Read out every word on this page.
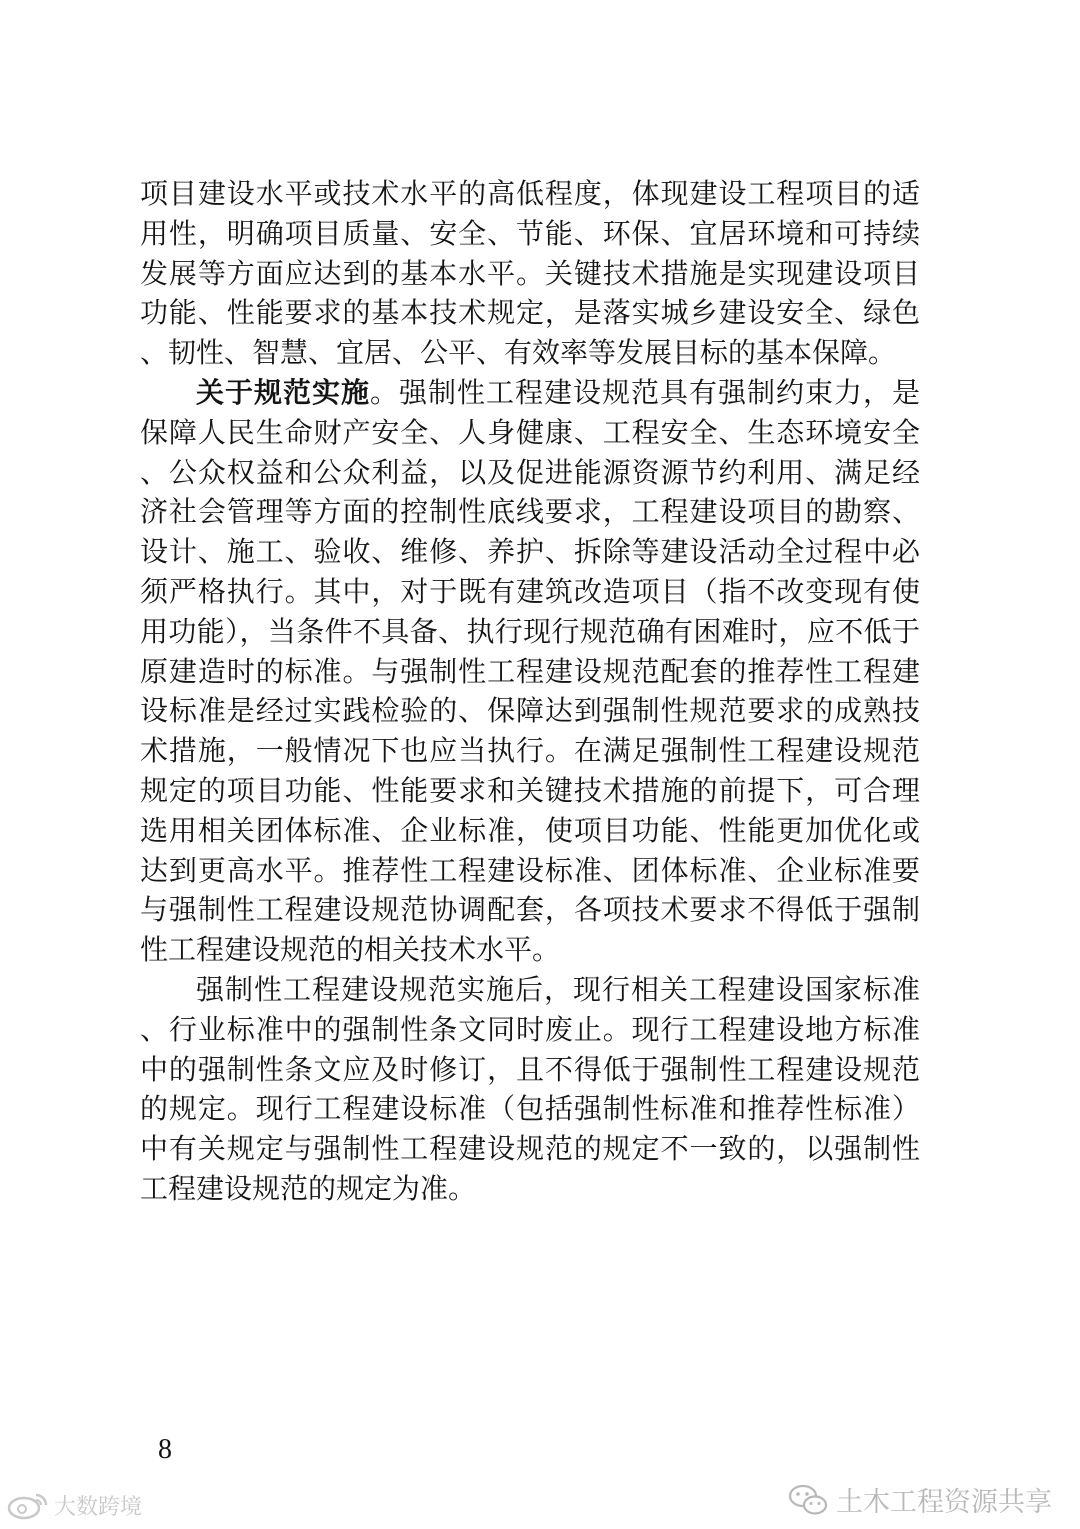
项目建设水平或技术水平的高低程度，体现建设工程项目的适用性，明确项目质量、安全、节能、环保、宜居环境和可持续发展等方面应达到的基本水平。关键技术措施是实现建设项目功能、性能要求的基本技术规定，是落实城乡建设安全、绿色、韧性、智慧、宜居、公平、有效率等发展目标的基本保障。

关于规范实施。强制性工程建设规范具有强制约束力，是保障人民生命财产安全、人身健康、工程安全、生态环境安全、公众权益和公众利益，以及促进能源资源节约利用、满足经济社会管理等方面的控制性底线要求，工程建设项目的勘察、设计、施工、验收、维修、养护、拆除等建设活动全过程中必须严格执行。其中，对于既有建筑改造项目（指不改变现有使用功能），当条件不具备、执行现行规范确有困难时，应不低于原建造时的标准。与强制性工程建设规范配套的推荐性工程建设标准是经过实践检验的、保障达到强制性规范要求的成熟技术措施，一般情况下也应当执行。在满足强制性工程建设规范规定的项目功能、性能要求和关键技术措施的前提下，可合理选用相关团体标准、企业标准，使项目功能、性能更加优化或达到更高水平。推荐性工程建设标准、团体标准、企业标准要与强制性工程建设规范协调配套，各项技术要求不得低于强制性工程建设规范的相关技术水平。

强制性工程建设规范实施后，现行相关工程建设国家标准、行业标准中的强制性条文同时废止。现行工程建设地方标准中的强制性条文应及时修订，且不得低于强制性工程建设规范的规定。现行工程建设标准（包括强制性标准和推荐性标准）中有关规定与强制性工程建设规范的规定不一致的，以强制性工程建设规范的规定为准。

8
大数跨境	土木工程资源共享
